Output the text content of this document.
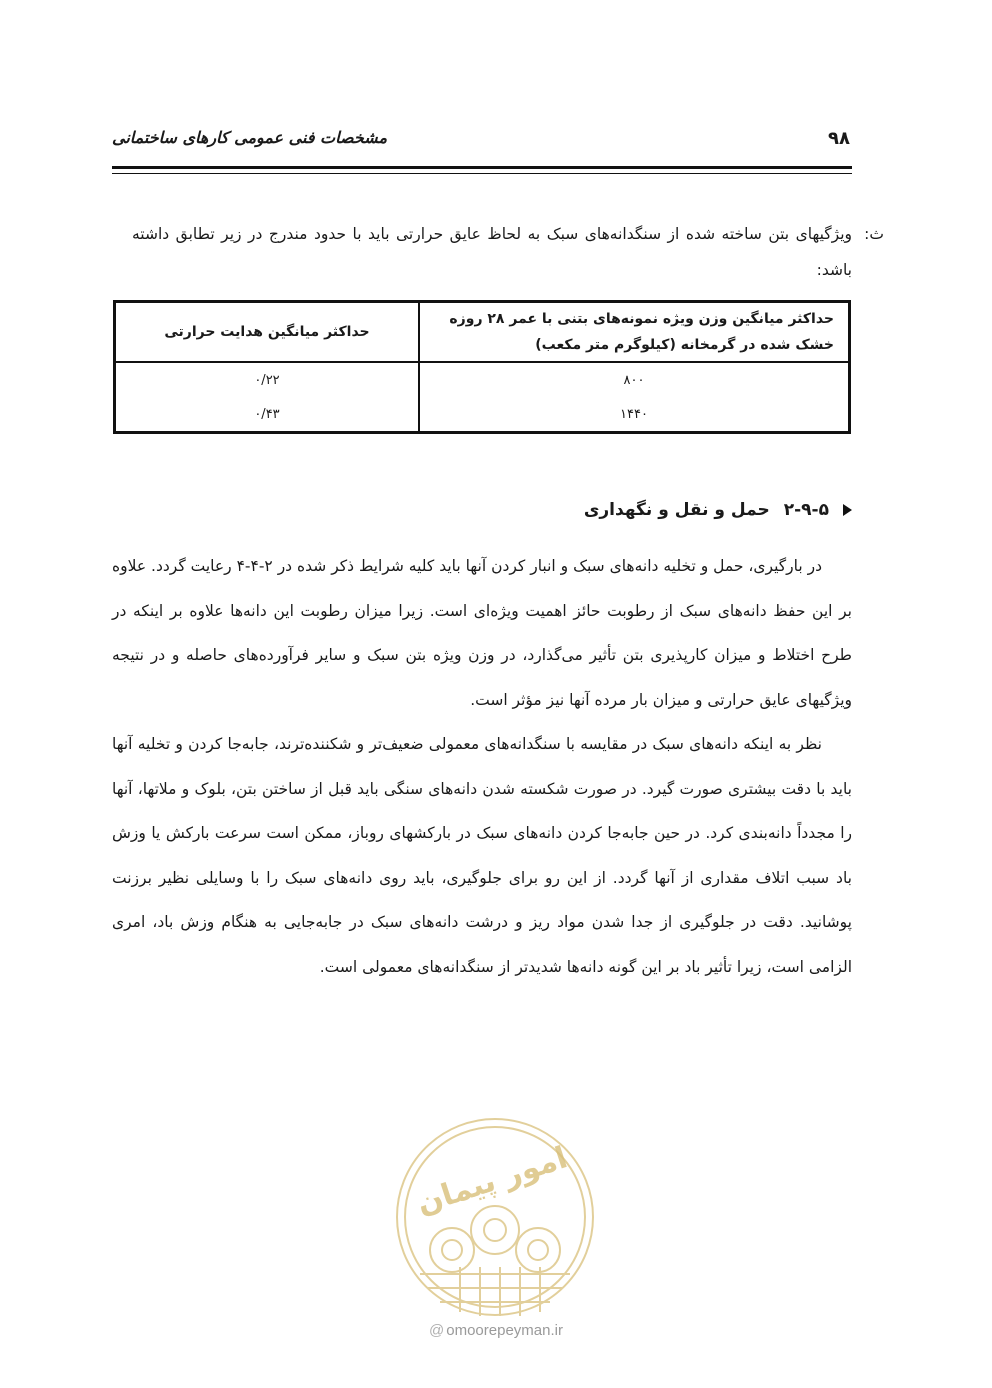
۹۸
مشخصات فنی عمومی کارهای ساختمانی
ث:

ویژگیهای بتن ساخته شده از سنگدانه‌های سبک به لحاظ عایق حرارتی باید با حدود مندرج در زیر تطابق داشته باشد:

حداکثر میانگین وزن ویژه نمونه‌های بتنی با عمر ۲۸ روزه خشک شده در گرمخانه (کیلوگرم متر مکعب)	حداکثر میانگین هدایت حرارتی
۸۰۰	۰/۲۲
۱۴۴۰	۰/۴۳
۲-۹-۵
حمل و نقل و نگهداری

در بارگیری، حمل و تخلیه دانه‌های سبک و انبار کردن آنها باید کلیه شرایط ذکر شده در ۲-۴-۴ رعایت گردد. علاوه بر این حفظ دانه‌های سبک از رطوبت حائز اهمیت ویژه‌ای است. زیرا میزان رطوبت این دانه‌ها علاوه بر اینکه در طرح اختلاط و میزان کارپذیری بتن تأثیر می‌گذارد، در وزن ویژه بتن سبک و سایر فرآورده‌های حاصله و در نتیجه ویژگیهای عایق حرارتی و میزان بار مرده آنها نیز مؤثر است.

نظر به اینکه دانه‌های سبک در مقایسه با سنگدانه‌های معمولی ضعیف‌تر و شکننده‌ترند، جابه‌جا کردن و تخلیه آنها باید با دقت بیشتری صورت گیرد. در صورت شکسته شدن دانه‌های سنگی باید قبل از ساختن بتن، بلوک و ملاتها، آنها را مجدداً دانه‌بندی کرد. در حین جابه‌جا کردن دانه‌های سبک در بارکشهای روباز، ممکن است سرعت بارکش یا وزش باد سبب اتلاف مقداری از آنها گردد. از این رو برای جلوگیری، باید روی دانه‌های سبک را با وسایلی نظیر برزنت پوشانید. دقت در جلوگیری از جدا شدن مواد ریز و درشت دانه‌های سبک در جابه‌جایی به هنگام وزش باد، امری الزامی است، زیرا تأثیر باد بر این گونه دانه‌ها شدیدتر از سنگدانه‌های معمولی است.

امور پیمان
@ omoorepeyman.ir
